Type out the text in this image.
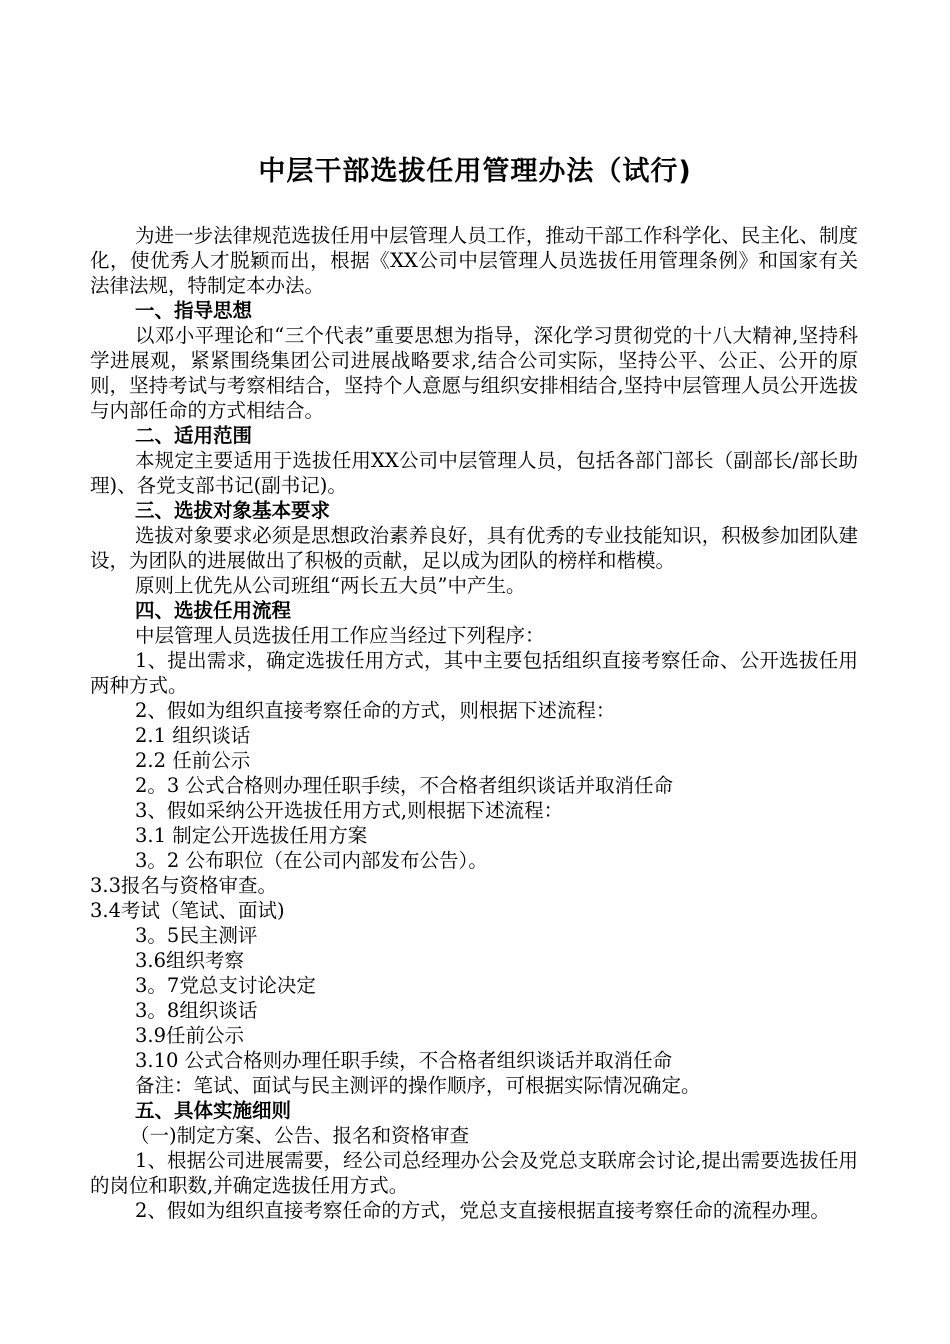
中层干部选拔任用管理办法（试行)

为进一步法律规范选拔任用中层管理人员工作，推动干部工作科学化、民主化、制度化，使优秀人才脱颖而出，根据《XX公司中层管理人员选拔任用管理条例》和国家有关法律法规，特制定本办法。

一、指导思想

以邓小平理论和“三个代表”重要思想为指导，深化学习贯彻党的十八大精神,坚持科学进展观，紧紧围绕集团公司进展战略要求,结合公司实际，坚持公平、公正、公开的原则，坚持考试与考察相结合，坚持个人意愿与组织安排相结合,坚持中层管理人员公开选拔与内部任命的方式相结合。

二、适用范围

本规定主要适用于选拔任用XX公司中层管理人员，包括各部门部长（副部长/部长助理)、各党支部书记(副书记)。

三、选拔对象基本要求

选拔对象要求必须是思想政治素养良好，具有优秀的专业技能知识，积极参加团队建设，为团队的进展做出了积极的贡献，足以成为团队的榜样和楷模。

原则上优先从公司班组“两长五大员”中产生。

四、选拔任用流程

中层管理人员选拔任用工作应当经过下列程序：

1、提出需求，确定选拔任用方式，其中主要包括组织直接考察任命、公开选拔任用两种方式。

2、假如为组织直接考察任命的方式，则根据下述流程：

2.1 组织谈话

2.2 任前公示

2。3 公式合格则办理任职手续，不合格者组织谈话并取消任命

3、假如采纳公开选拔任用方式,则根据下述流程：

3.1 制定公开选拔任用方案

3。2 公布职位（在公司内部发布公告）。

3.3报名与资格审查。

3.4考试（笔试、面试)

3。5民主测评

3.6组织考察

3。7党总支讨论决定

3。8组织谈话

3.9任前公示

3.10 公式合格则办理任职手续，不合格者组织谈话并取消任命

备注：笔试、面试与民主测评的操作顺序，可根据实际情况确定。

五、具体实施细则

（一)制定方案、公告、报名和资格审查

1、根据公司进展需要，经公司总经理办公会及党总支联席会讨论,提出需要选拔任用的岗位和职数,并确定选拔任用方式。

2、假如为组织直接考察任命的方式，党总支直接根据直接考察任命的流程办理。
